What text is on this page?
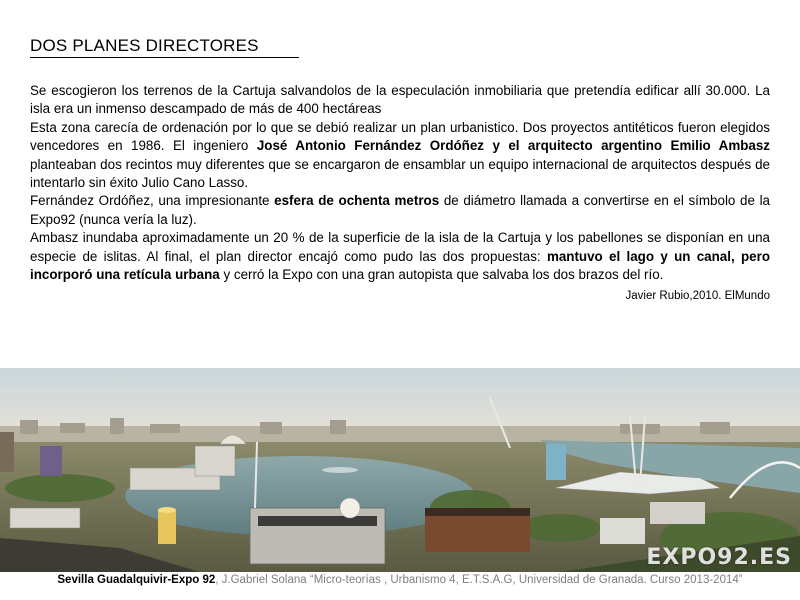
DOS PLANES DIRECTORES

Se escogieron los terrenos de la Cartuja salvandolos de la especulación inmobiliaria que pretendía edificar allí 30.000. La isla era un inmenso descampado de más de 400 hectáreas

Esta zona carecía de ordenación por lo que se debió realizar un plan urbanistico. Dos proyectos antitéticos fueron elegidos vencedores en 1986. El ingeniero José Antonio Fernández Ordóñez y el arquitecto argentino Emilio Ambasz planteaban dos recintos muy diferentes que se encargaron de ensamblar un equipo internacional de arquitectos después de intentarlo sin éxito Julio Cano Lasso.

Fernández Ordóñez, una impresionante esfera de ochenta metros de diámetro llamada a convertirse en el símbolo de la Expo92 (nunca vería la luz).

Ambasz inundaba aproximadamente un 20 % de la superficie de la isla de la Cartuja y los pabellones se disponían en una especie de islitas. Al final, el plan director encajó como pudo las dos propuestas: mantuvo el lago y un canal, pero incorporó una retícula urbana y cerró la Expo con una gran autopista que salvaba los dos brazos del río.

Javier Rubio,2010. ElMundo
EXPO92.ES
Sevilla Guadalquivir-Expo 92, J.Gabriel Solana “Micro-teorías , Urbanismo 4, E.T.S.A.G, Universidad de Granada. Curso 2013-2014”
